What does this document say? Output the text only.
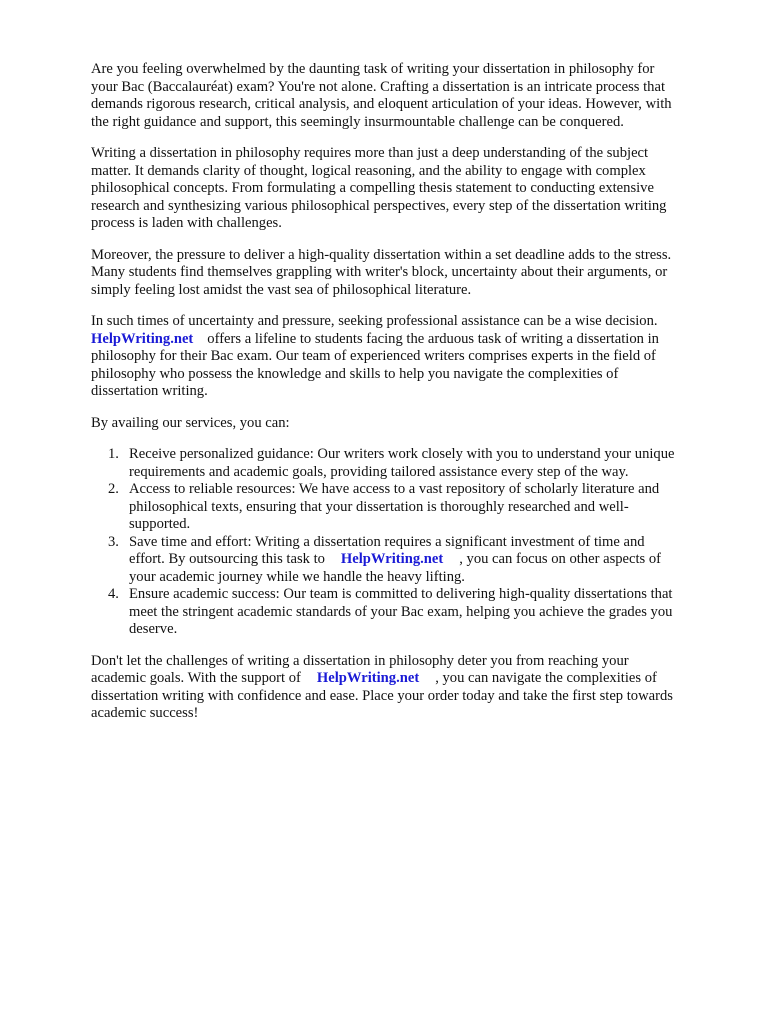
Are you feeling overwhelmed by the daunting task of writing your dissertation in philosophy for
your Bac (Baccalauréat) exam? You're not alone. Crafting a dissertation is an intricate process that
demands rigorous research, critical analysis, and eloquent articulation of your ideas. However, with
the right guidance and support, this seemingly insurmountable challenge can be conquered.
Writing a dissertation in philosophy requires more than just a deep understanding of the subject
matter. It demands clarity of thought, logical reasoning, and the ability to engage with complex
philosophical concepts. From formulating a compelling thesis statement to conducting extensive
research and synthesizing various philosophical perspectives, every step of the dissertation writing
process is laden with challenges.
Moreover, the pressure to deliver a high-quality dissertation within a set deadline adds to the stress.
Many students find themselves grappling with writer's block, uncertainty about their arguments, or
simply feeling lost amidst the vast sea of philosophical literature.
In such times of uncertainty and pressure, seeking professional assistance can be a wise decision.
HelpWriting.net offers a lifeline to students facing the arduous task of writing a dissertation in
philosophy for their Bac exam. Our team of experienced writers comprises experts in the field of
philosophy who possess the knowledge and skills to help you navigate the complexities of
dissertation writing.
By availing our services, you can:
1. Receive personalized guidance: Our writers work closely with you to understand your unique
requirements and academic goals, providing tailored assistance every step of the way.
2. Access to reliable resources: We have access to a vast repository of scholarly literature and
philosophical texts, ensuring that your dissertation is thoroughly researched and well-
supported.
3. Save time and effort: Writing a dissertation requires a significant investment of time and
effort. By outsourcing this task to HelpWriting.net , you can focus on other aspects of
your academic journey while we handle the heavy lifting.
4. Ensure academic success: Our team is committed to delivering high-quality dissertations that
meet the stringent academic standards of your Bac exam, helping you achieve the grades you
deserve.
Don't let the challenges of writing a dissertation in philosophy deter you from reaching your
academic goals. With the support of HelpWriting.net , you can navigate the complexities of
dissertation writing with confidence and ease. Place your order today and take the first step towards
academic success!
